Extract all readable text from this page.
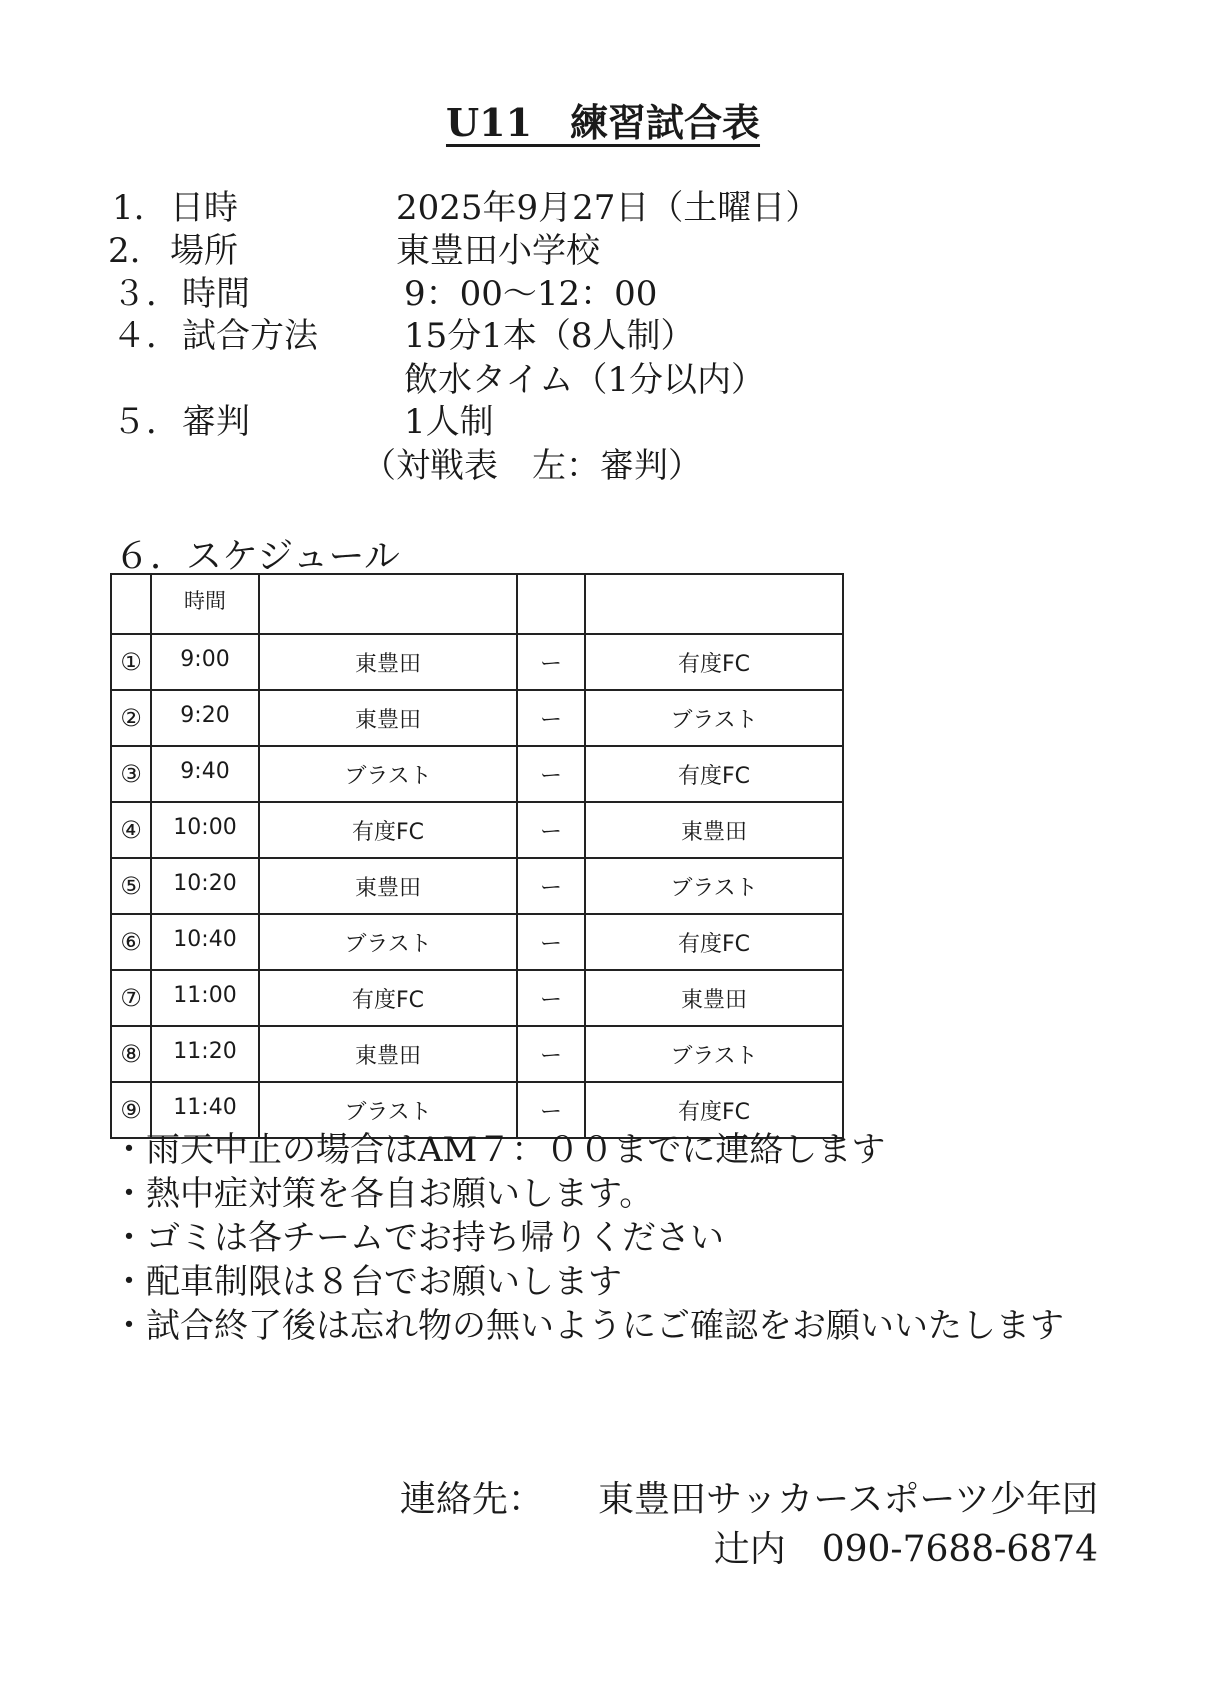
U11　練習試合表
1. 日時	2025年9月27日（土曜日）
2. 場所	東豊田小学校
３．時間	9：00〜12：00
４．試合方法	15分1本（8人制）
飲水タイム（1分以内）
５．審判	1人制
（対戦表　左：審判）
６．スケジュール
	時間			
①	9:00	東豊田	ー	有度FC
②	9:20	東豊田	ー	ブラスト
③	9:40	ブラスト	ー	有度FC
④	10:00	有度FC	ー	東豊田
⑤	10:20	東豊田	ー	ブラスト
⑥	10:40	ブラスト	ー	有度FC
⑦	11:00	有度FC	ー	東豊田
⑧	11:20	東豊田	ー	ブラスト
⑨	11:40	ブラスト	ー	有度FC
・雨天中止の場合はAM７：００までに連絡します
・熱中症対策を各自お願いします。
・ゴミは各チームでお持ち帰りください
・配車制限は８台でお願いします
・試合終了後は忘れ物の無いようにご確認をお願いいたします
連絡先：　　 東豊田サッカースポーツ少年団
辻内　 090-7688-6874
